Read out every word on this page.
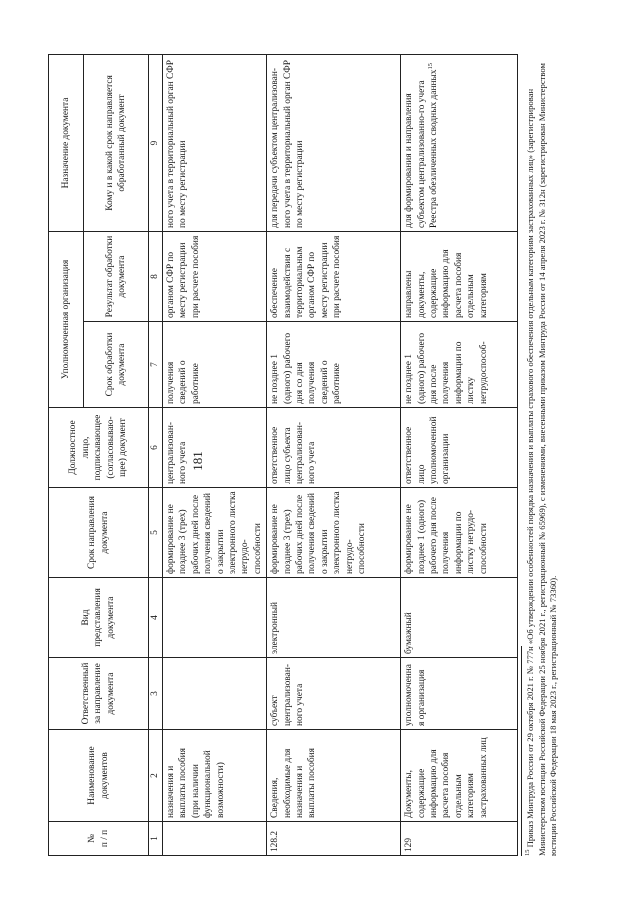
181
№
п / п	Наименование документов	Ответственный за направление документа	Вид представления документа	Срок направления документа	Должностное лицо, подписывающее (согласовываю-щее) документ	Уполномоченная организация		Назначение документа
						Срок обработки документа	Результат обработки документа	Кому и в какой срок направляется обработанный документ
1	2	3	4	5	6	7	8	9
	назначения и выплаты пособия (при наличии функциональной возможности)			формирование не позднее 3 (трех) рабочих дней после получения сведений о закрытии электронного листка нетрудо-способности	централизован-ного учета	получения сведений о работнике	органом СФР по месту регистрации при расчете пособия	ного учета в территориальный орган СФР по месту регистрации
128.2	Сведения, необходимые для назначения и выплаты пособия	субъект централизован-ного учета	электронный	формирование не позднее 3 (трех) рабочих дней после получения сведений о закрытии электронного листка нетрудо-способности	ответственное лицо субъекта централизован-ного учета	не позднее 1 (одного) рабочего дня со дня получения сведений о работнике	обеспечение взаимодействия с территориальным органом СФР по месту регистрации при расчете пособия	для передачи субъектом централизован-ного учета в территориальный орган СФР по месту регистрации
129	Документы, содержащие информацию для расчета пособия отдельным категориям застрахованных лиц	уполномоченная организация	бумажный	формирование не позднее 1 (одного) рабочего дня после получения информации по листку нетрудо-способности	ответственное лицо уполномоченной организации	не позднее 1 (одного) рабочего дня после получения информации по листку нетрудоспособ-	направлены документы, содержащие информацию для расчета пособия отдельным категориям	для формирования и направления субъектом централизованно-го учета Реестра обезличенных сводных данных$^{15}$
$^{15}$ Приказ Минтруда России от 29 октября 2021 г. № 777н «Об утверждении особенностей порядка назначения и выплаты страхового обеспечения отдельным категориям застрахованных лиц» (зарегистрирован Министерством юстиции Российской Федерации 25 ноября 2021 г., регистрационный № 65969), с изменениями, внесенными приказом Минтруда России от 14 апреля 2023 г. № 312н (зарегистрирован Министерством юстиции Российской Федерации 18 мая 2023 г., регистрационный № 73360).
